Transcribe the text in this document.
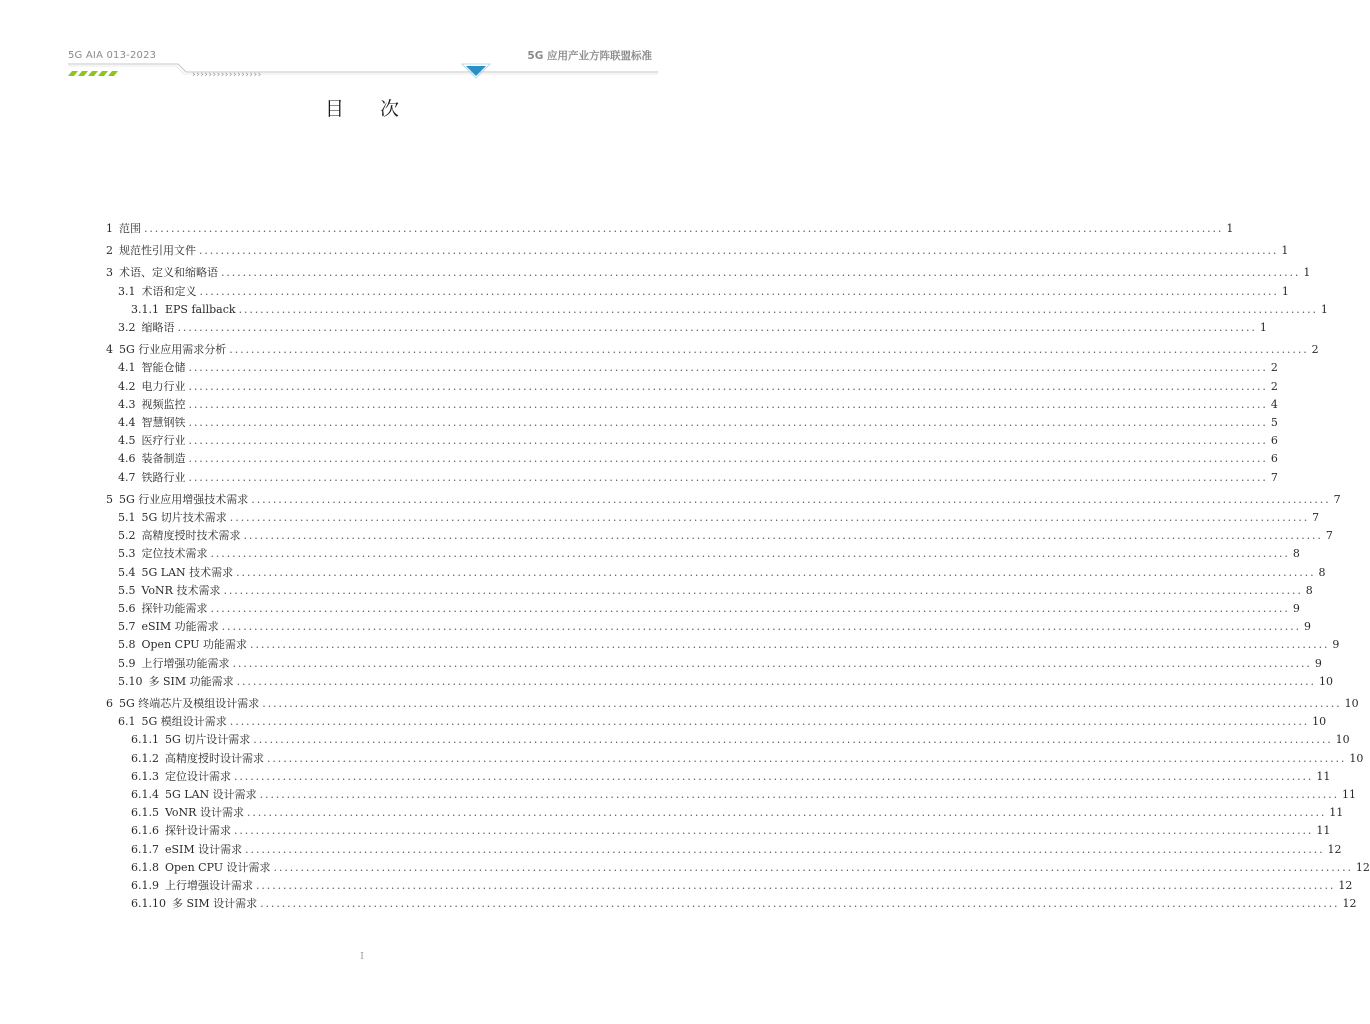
›››››››››››››››››
5G AIA 013-2023	5G 应用产业方阵联盟标准
目 次
1 范围 ........................................................................................................................................................................................................ 1
2 规范性引用文件 ........................................................................................................................................................................................................ 1
3 术语、定义和缩略语 ........................................................................................................................................................................................................ 1
3.1 术语和定义 ........................................................................................................................................................................................................ 1
3.1.1 EPS fallback ........................................................................................................................................................................................................ 1
3.2 缩略语 ........................................................................................................................................................................................................ 1
4 5G 行业应用需求分析 ........................................................................................................................................................................................................ 2
4.1 智能仓储 ........................................................................................................................................................................................................ 2
4.2 电力行业 ........................................................................................................................................................................................................ 2
4.3 视频监控 ........................................................................................................................................................................................................ 4
4.4 智慧钢铁 ........................................................................................................................................................................................................ 5
4.5 医疗行业 ........................................................................................................................................................................................................ 6
4.6 装备制造 ........................................................................................................................................................................................................ 6
4.7 铁路行业 ........................................................................................................................................................................................................ 7
5 5G 行业应用增强技术需求 ........................................................................................................................................................................................................ 7
5.1 5G 切片技术需求 ........................................................................................................................................................................................................ 7
5.2 高精度授时技术需求 ........................................................................................................................................................................................................ 7
5.3 定位技术需求 ........................................................................................................................................................................................................ 8
5.4 5G LAN 技术需求 ........................................................................................................................................................................................................ 8
5.5 VoNR 技术需求 ........................................................................................................................................................................................................ 8
5.6 探针功能需求 ........................................................................................................................................................................................................ 9
5.7 eSIM 功能需求 ........................................................................................................................................................................................................ 9
5.8 Open CPU 功能需求 ........................................................................................................................................................................................................ 9
5.9 上行增强功能需求 ........................................................................................................................................................................................................ 9
5.10 多 SIM 功能需求 ........................................................................................................................................................................................................ 10
6 5G 终端芯片及模组设计需求 ........................................................................................................................................................................................................ 10
6.1 5G 模组设计需求 ........................................................................................................................................................................................................ 10
6.1.1 5G 切片设计需求 ........................................................................................................................................................................................................ 10
6.1.2 高精度授时设计需求 ........................................................................................................................................................................................................ 10
6.1.3 定位设计需求 ........................................................................................................................................................................................................ 11
6.1.4 5G LAN 设计需求 ........................................................................................................................................................................................................ 11
6.1.5 VoNR 设计需求 ........................................................................................................................................................................................................ 11
6.1.6 探针设计需求 ........................................................................................................................................................................................................ 11
6.1.7 eSIM 设计需求 ........................................................................................................................................................................................................ 12
6.1.8 Open CPU 设计需求 ........................................................................................................................................................................................................ 12
6.1.9 上行增强设计需求 ........................................................................................................................................................................................................ 12
6.1.10 多 SIM 设计需求 ........................................................................................................................................................................................................ 12
I
